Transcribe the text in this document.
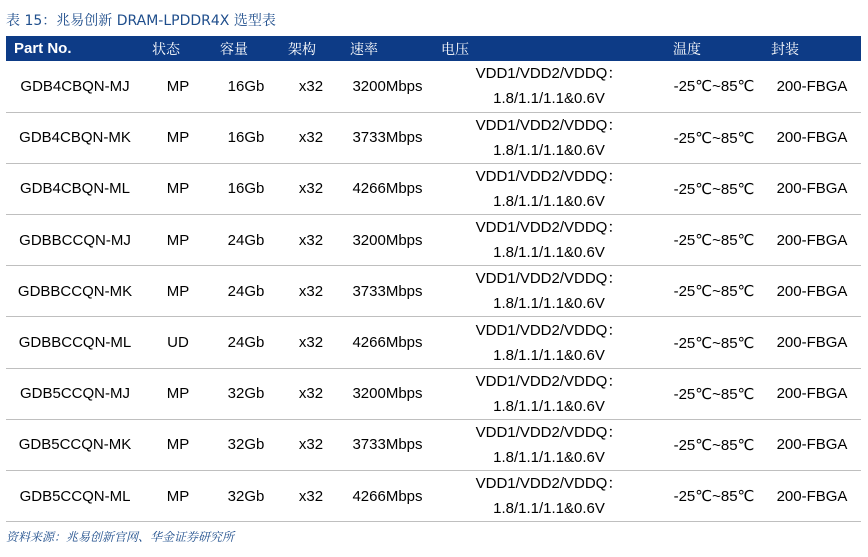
表 15：兆易创新 DRAM-LPDDR4X 选型表
Part No.	状态	容量	架构	速率	电压	温度	封装
GDB4CBQN-MJ	MP	16Gb	x32	3200Mbps	VDD1/VDD2/VDDQ：
1.8/1.1/1.1&0.6V	-25℃~85℃	200-FBGA
GDB4CBQN-MK	MP	16Gb	x32	3733Mbps	VDD1/VDD2/VDDQ：
1.8/1.1/1.1&0.6V	-25℃~85℃	200-FBGA
GDB4CBQN-ML	MP	16Gb	x32	4266Mbps	VDD1/VDD2/VDDQ：
1.8/1.1/1.1&0.6V	-25℃~85℃	200-FBGA
GDBBCCQN-MJ	MP	24Gb	x32	3200Mbps	VDD1/VDD2/VDDQ：
1.8/1.1/1.1&0.6V	-25℃~85℃	200-FBGA
GDBBCCQN-MK	MP	24Gb	x32	3733Mbps	VDD1/VDD2/VDDQ：
1.8/1.1/1.1&0.6V	-25℃~85℃	200-FBGA
GDBBCCQN-ML	UD	24Gb	x32	4266Mbps	VDD1/VDD2/VDDQ：
1.8/1.1/1.1&0.6V	-25℃~85℃	200-FBGA
GDB5CCQN-MJ	MP	32Gb	x32	3200Mbps	VDD1/VDD2/VDDQ：
1.8/1.1/1.1&0.6V	-25℃~85℃	200-FBGA
GDB5CCQN-MK	MP	32Gb	x32	3733Mbps	VDD1/VDD2/VDDQ：
1.8/1.1/1.1&0.6V	-25℃~85℃	200-FBGA
GDB5CCQN-ML	MP	32Gb	x32	4266Mbps	VDD1/VDD2/VDDQ：
1.8/1.1/1.1&0.6V	-25℃~85℃	200-FBGA
资料来源：兆易创新官网、华金证券研究所
